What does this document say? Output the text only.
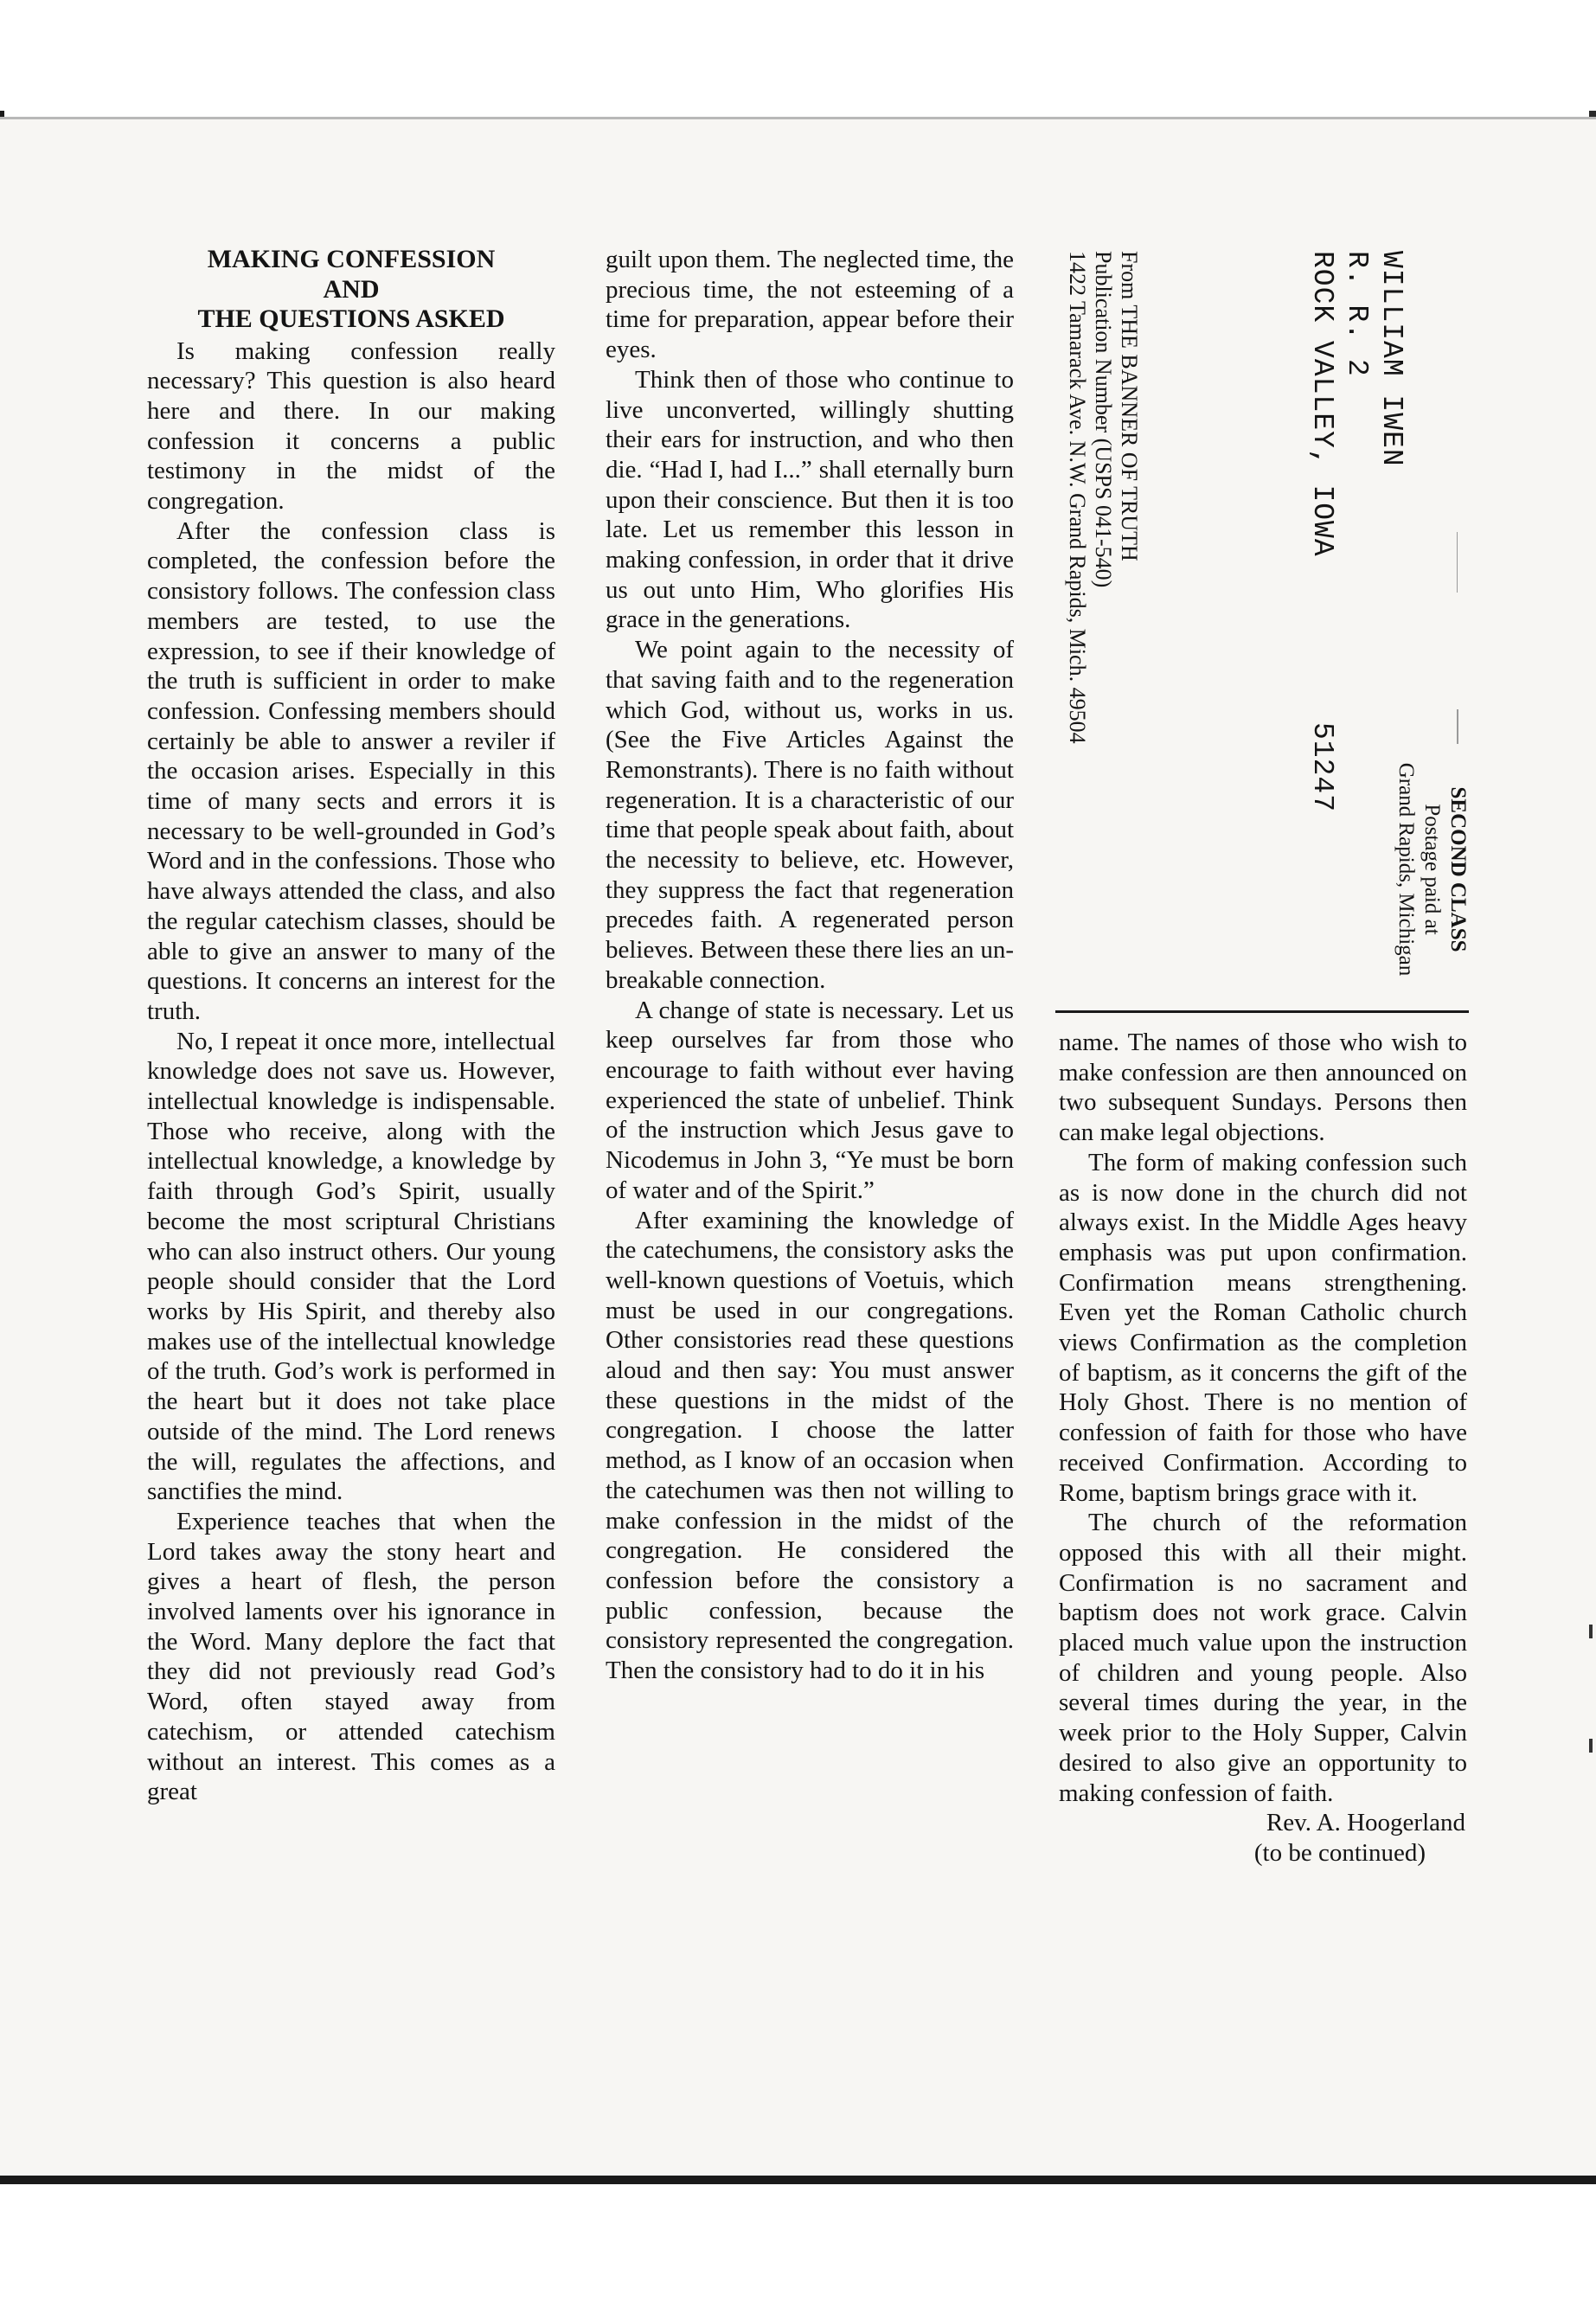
MAKING CONFESSION
AND
THE QUESTIONS ASKED

Is making confession really necessary? This question is also heard here and there. In our making confession it concerns a public testimony in the midst of the congregation.

After the confession class is completed, the confession before the consistory follows. The confession class members are tested, to use the expression, to see if their knowledge of the truth is sufficient in order to make confession. Confessing members should certainly be able to answer a reviler if the occasion arises. Especially in this time of many sects and errors it is necessary to be well-grounded in God’s Word and in the confessions. Those who have always attended the class, and also the regular catechism classes, should be able to give an answer to many of the questions. It concerns an interest for the truth.

No, I repeat it once more, intellectual knowledge does not save us. However, intellectual knowledge is indispensable. Those who receive, along with the intellectual knowledge, a knowledge by faith through God’s Spirit, usually become the most scriptural Christians who can also instruct others. Our young people should consider that the Lord works by His Spirit, and thereby also makes use of the intellectual knowledge of the truth. God’s work is performed in the heart but it does not take place outside of the mind. The Lord renews the will, regulates the affections, and sanctifies the mind.

Experience teaches that when the Lord takes away the stony heart and gives a heart of flesh, the person involved laments over his ignorance in the Word. Many deplore the fact that they did not previously read God’s Word, often stayed away from catechism, or attended catechism without an interest. This comes as a great

guilt upon them. The neglected time, the precious time, the not esteeming of a time for preparation, appear before their eyes.

Think then of those who continue to live unconverted, willingly shutting their ears for instruction, and who then die. “Had I, had I...” shall eternally burn upon their conscience. But then it is too late. Let us remember this lesson in making confession, in order that it drive us out unto Him, Who glorifies His grace in the generations.

We point again to the necessity of that saving faith and to the regeneration which God, without us, works in us. (See the Five Articles Against the Remonstrants). There is no faith without regeneration. It is a characteristic of our time that people speak about faith, about the necessity to believe, etc. However, they suppress the fact that regeneration precedes faith. A regenerated person believes. Between these there lies an unbreakable connection.

A change of state is necessary. Let us keep ourselves far from those who encourage to faith without ever having experienced the state of unbelief. Think of the instruction which Jesus gave to Nicodemus in John 3, “Ye must be born of water and of the Spirit.”

After examining the knowledge of the catechumens, the consistory asks the well-known questions of Voetuis, which must be used in our congregations. Other consistories read these questions aloud and then say: You must answer these questions in the midst of the congregation. I choose the latter method, as I know of an occasion when the catechumen was then not willing to make confession in the midst of the congregation. He considered the confession before the consistory a public confession, because the consistory represented the congregation. Then the consistory had to do it in his

WILLIAM IWEN
R. R. 2
ROCK VALLEY, IOWA
51247
From THE BANNER OF TRUTH
Publication Number (USPS 041-540)
1422 Tamarack Ave. N.W. Grand Rapids, Mich. 49504
SECOND CLASS
Postage paid at
Grand Rapids, Michigan

name. The names of those who wish to make confession are then announced on two subsequent Sundays. Persons then can make legal objections.

The form of making confession such as is now done in the church did not always exist. In the Middle Ages heavy emphasis was put upon confirmation. Confirmation means strengthening. Even yet the Roman Catholic church views Confirmation as the completion of baptism, as it concerns the gift of the Holy Ghost. There is no mention of confession of faith for those who have received Confirmation. According to Rome, baptism brings grace with it.

The church of the reformation opposed this with all their might. Confirmation is no sacrament and baptism does not work grace. Calvin placed much value upon the instruction of children and young people. Also several times during the year, in the week prior to the Holy Supper, Calvin desired to also give an opportunity to making confession of faith.

Rev. A. Hoogerland

(to be continued)
